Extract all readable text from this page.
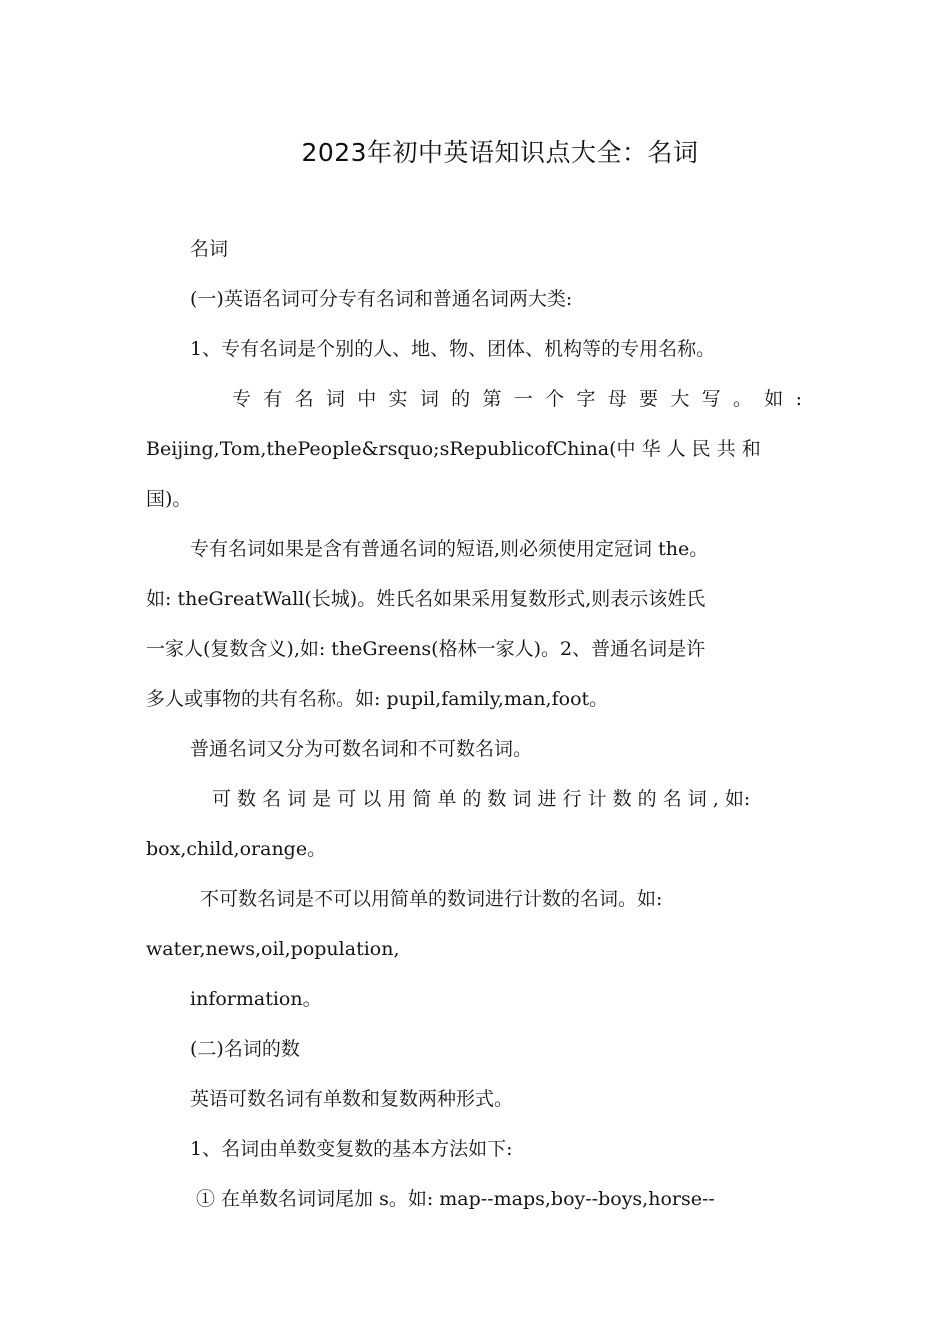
2023年初中英语知识点大全：名词
名词
(一)英语名词可分专有名词和普通名词两大类:
1、专有名词是个别的人、地、物、团体、机构等的专用名称。
专 有 名 词 中 实 词 的 第 一 个 字 母 要 大 写 。 如 :
Beijing,Tom,thePeople&rsquo;sRepublicofChina(中 华 人 民 共 和
国)。
专有名词如果是含有普通名词的短语,则必须使用定冠词 the。
如: theGreatWall(长城)。姓氏名如果采用复数形式,则表示该姓氏
一家人(复数含义),如: theGreens(格林一家人)。2、普通名词是许
多人或事物的共有名称。如: pupil,family,man,foot。
普通名词又分为可数名词和不可数名词。
可 数 名 词 是 可 以 用 简 单 的 数 词 进 行 计 数 的 名 词 , 如:
box,child,orange。
不可数名词是不可以用简单的数词进行计数的名词。如:
water,news,oil,population,
information。
(二)名词的数
英语可数名词有单数和复数两种形式。
1、名词由单数变复数的基本方法如下:
① 在单数名词词尾加 s。如: map--maps,boy--boys,horse--
